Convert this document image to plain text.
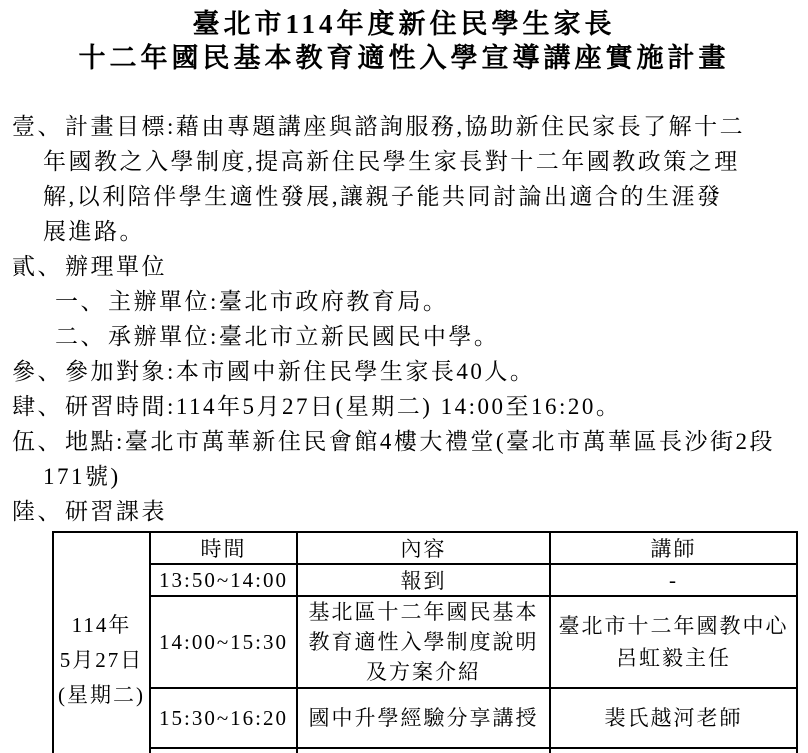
臺北市114年度新住民學生家長
十二年國民基本教育適性入學宣導講座實施計畫
壹、計畫目標:藉由專題講座與諮詢服務,協助新住民家長了解十二
年國教之入學制度,提高新住民學生家長對十二年國教政策之理
解,以利陪伴學生適性發展,讓親子能共同討論出適合的生涯發
展進路。
貳、辦理單位
一、主辦單位:臺北市政府教育局。
二、承辦單位:臺北市立新民國民中學。
參、參加對象:本市國中新住民學生家長40人。
肆、研習時間:114年5月27日(星期二) 14:00至16:20。
伍、地點:臺北市萬華新住民會館4樓大禮堂(臺北市萬華區長沙街2段
171號)
陸、研習課表
114年
5月27日
(星期二)	時間	內容	講師
	13:50~14:00	報到	-
	14:00~15:30	基北區十二年國民基本教育適性入學制度說明及方案介紹	臺北市十二年國教中心呂虹毅主任
	15:30~16:20	國中升學經驗分享講授	裴氏越河老師
